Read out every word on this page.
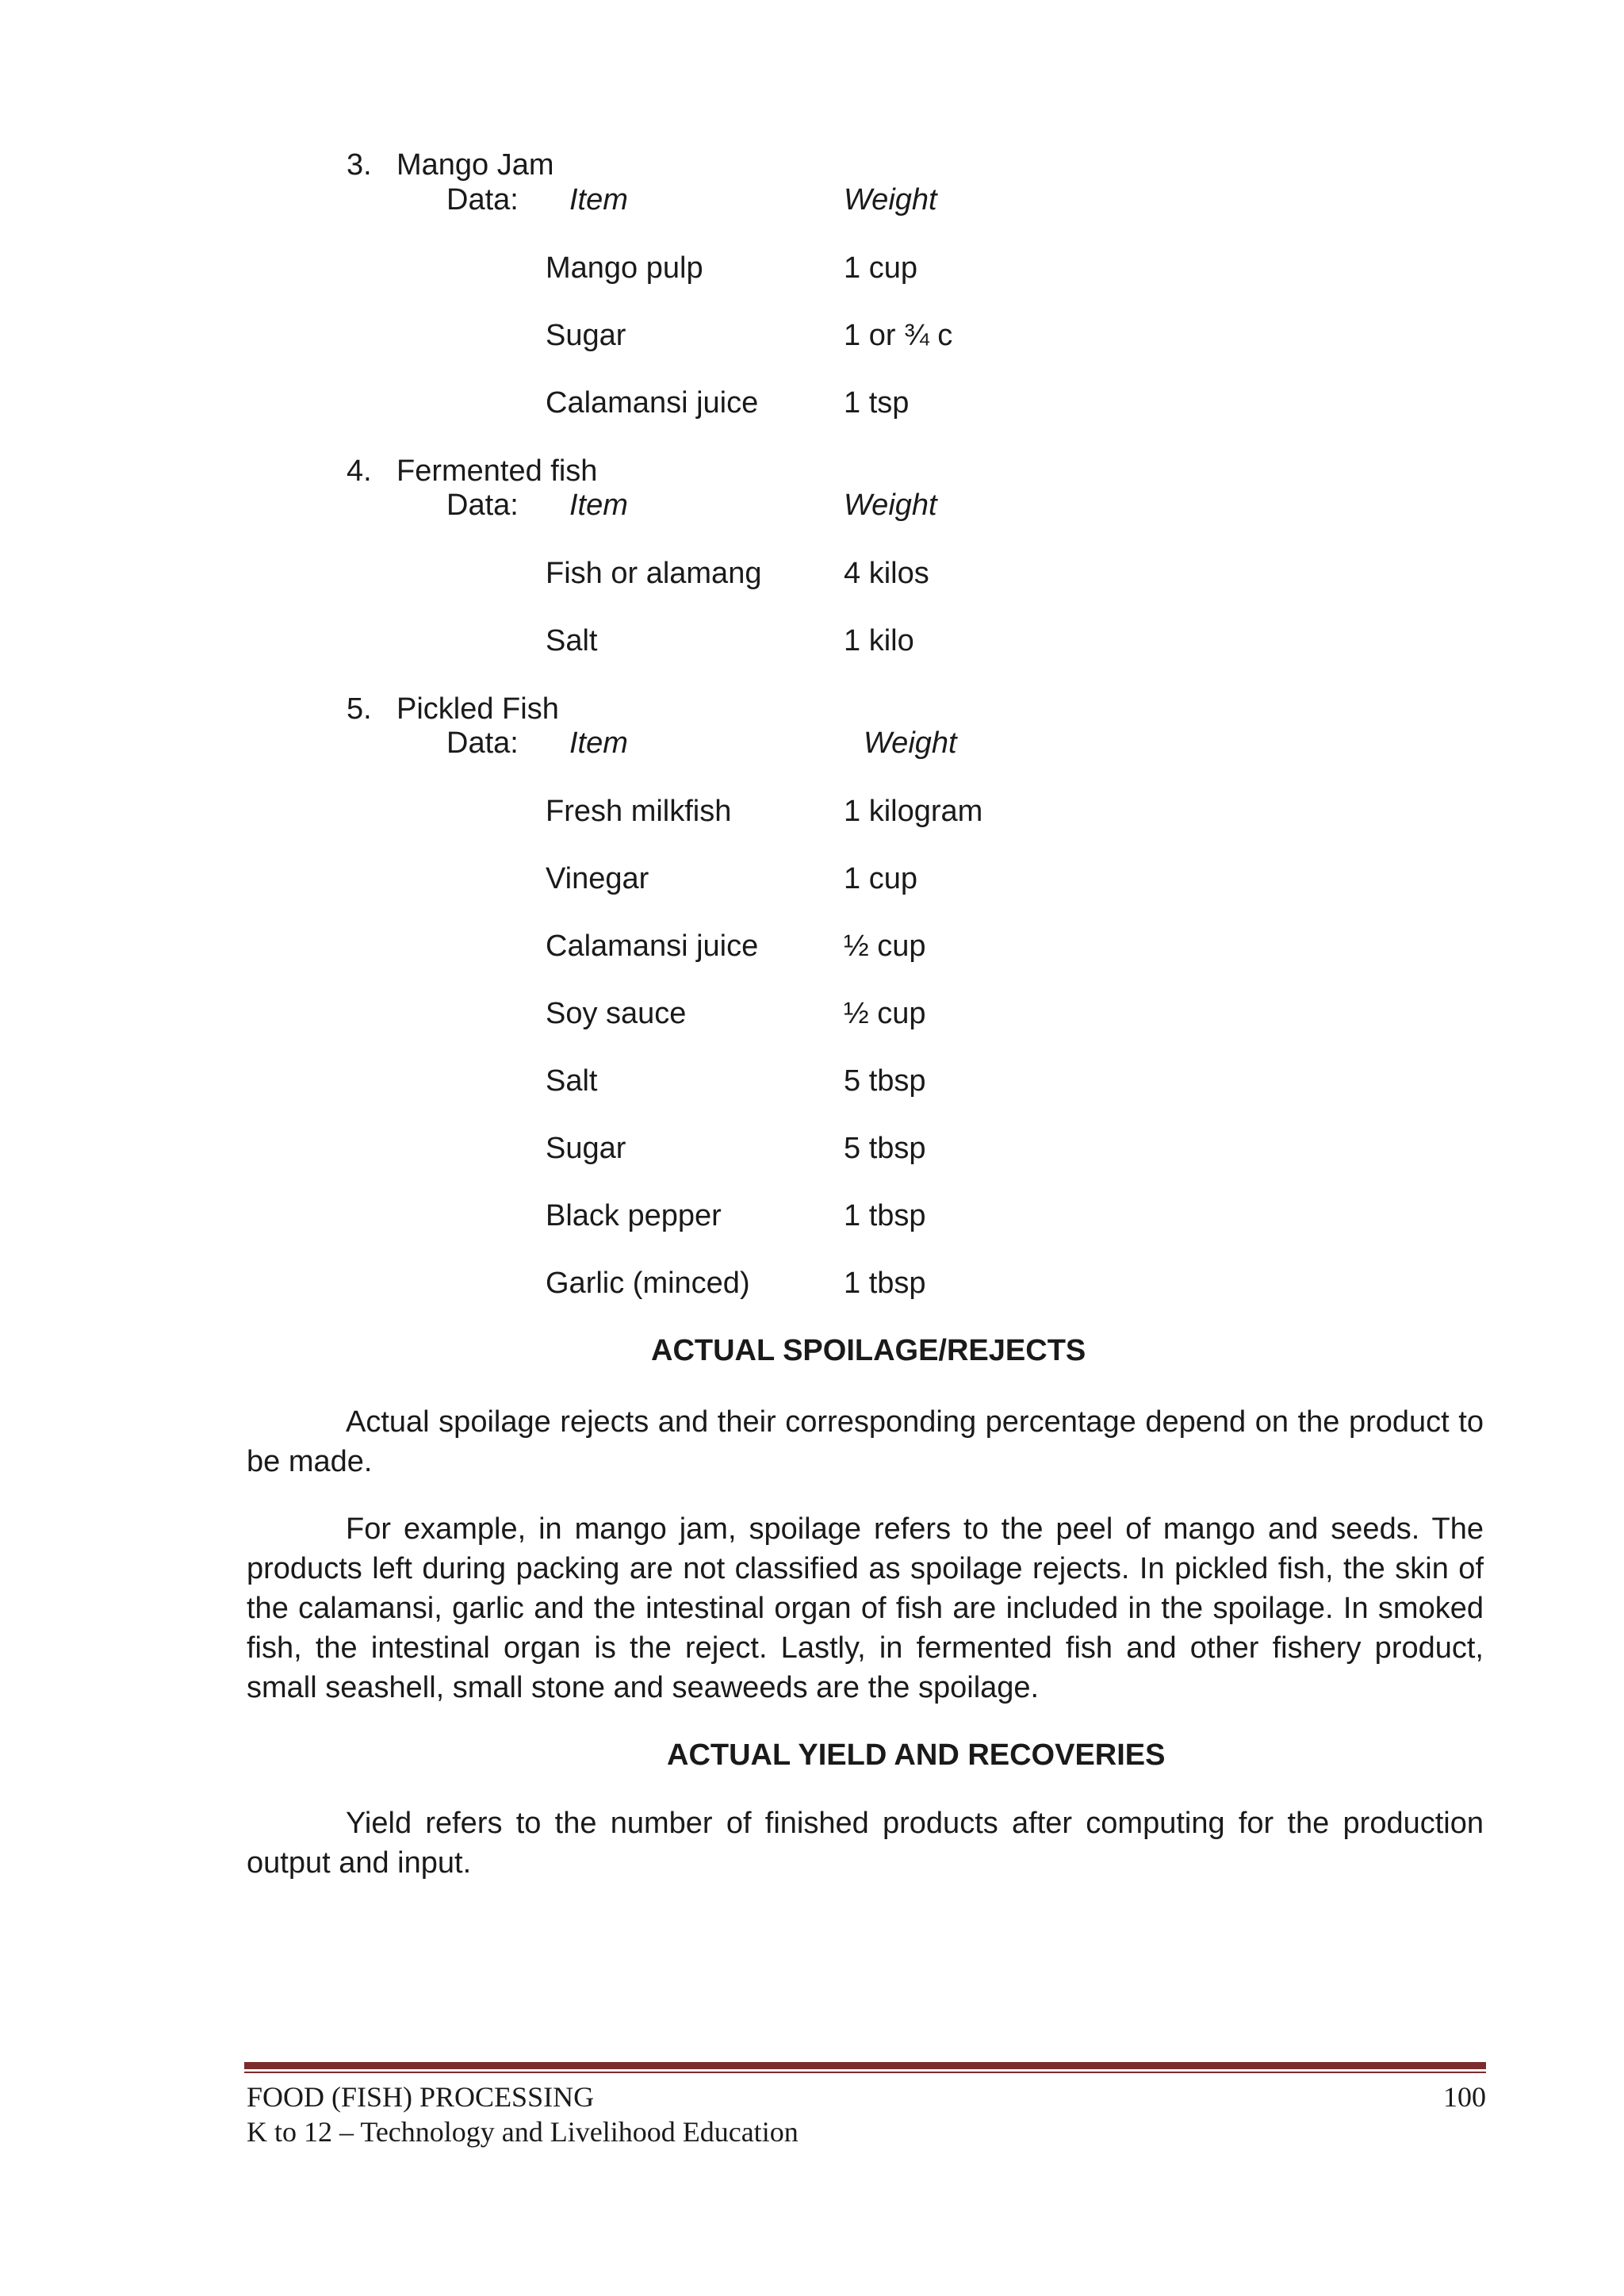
3. Mango Jam
Data: Item	Weight
Mango pulp	1 cup
Sugar	1 or ¾ c
Calamansi juice	1 tsp
4. Fermented fish
Data: Item	Weight
Fish or alamang	4 kilos
Salt	1 kilo
5. Pickled Fish
Data: Item	Weight
Fresh milkfish	1 kilogram
Vinegar	1 cup
Calamansi juice	½ cup
Soy sauce	½ cup
Salt	5 tbsp
Sugar	5 tbsp
Black pepper	1 tbsp
Garlic (minced)	1 tbsp
ACTUAL SPOILAGE/REJECTS
Actual spoilage rejects and their corresponding percentage depend on the product to be made.
For example, in mango jam, spoilage refers to the peel of mango and seeds. The products left during packing are not classified as spoilage rejects. In pickled fish, the skin of the calamansi, garlic and the intestinal organ of fish are included in the spoilage. In smoked fish, the intestinal organ is the reject. Lastly, in fermented fish and other fishery product, small seashell, small stone and seaweeds are the spoilage.
ACTUAL YIELD AND RECOVERIES
Yield refers to the number of finished products after computing for the production output and input.
FOOD (FISH) PROCESSING	100
K to 12 – Technology and Livelihood Education
